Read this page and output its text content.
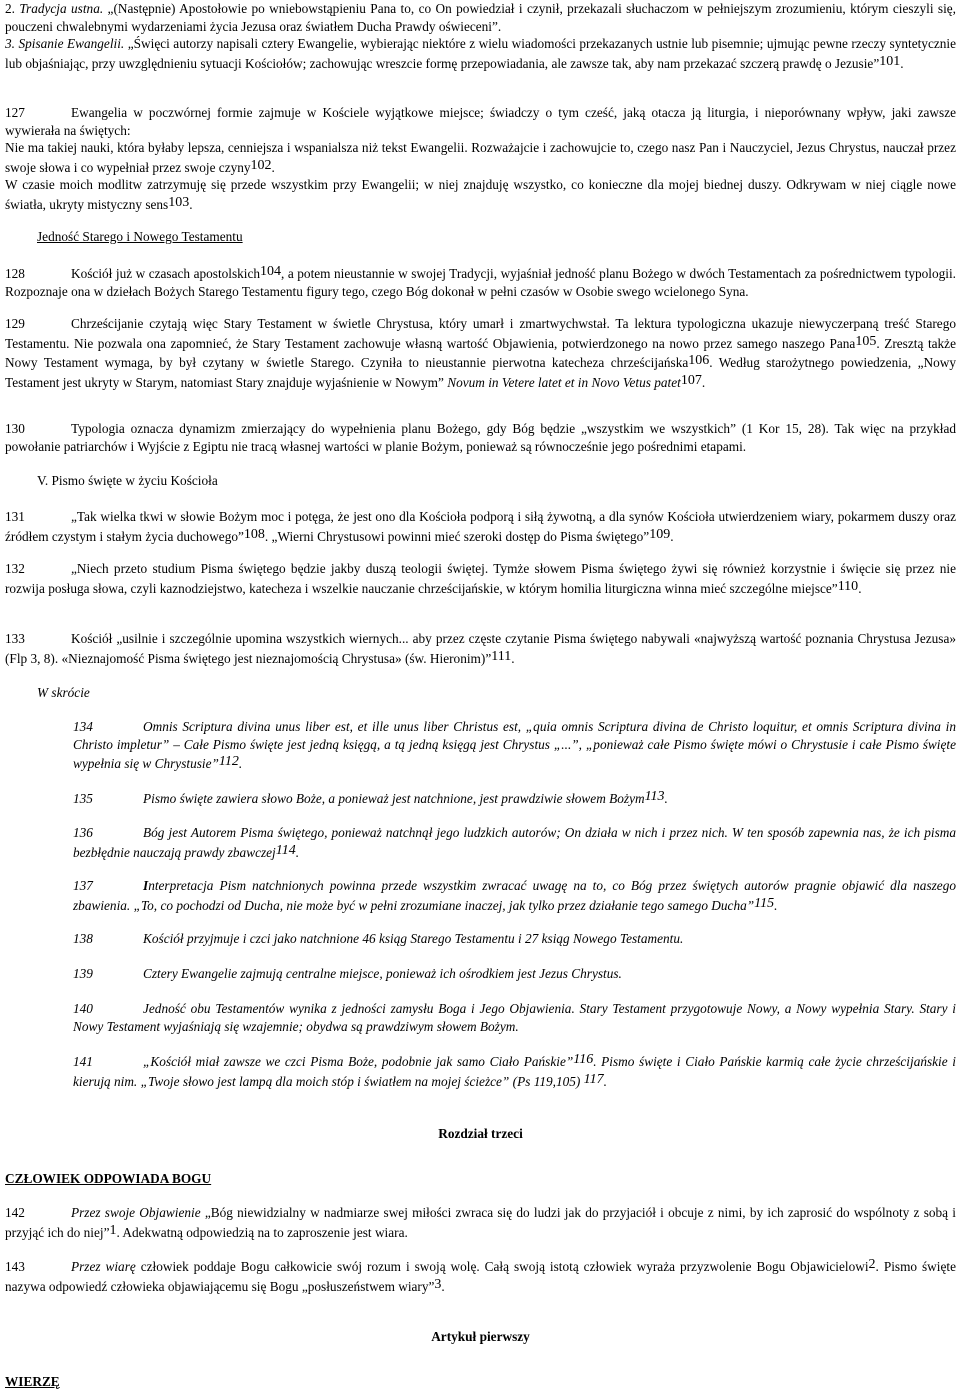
2. Tradycja ustna. „(Następnie) Apostołowie po wniebowstąpieniu Pana to, co On powiedział i czynił, przekazali słuchaczom w pełniejszym zrozumieniu, którym cieszyli się, pouczeni chwalebnymi wydarzeniami życia Jezusa oraz światłem Ducha Prawdy oświeceni”.

3. Spisanie Ewangelii. „Święci autorzy napisali cztery Ewangelie, wybierając niektóre z wielu wiadomości przekazanych ustnie lub pisemnie; ujmując pewne rzeczy syntetycznie lub objaśniając, przy uwzględnieniu sytuacji Kościołów; zachowując wreszcie formę przepowiadania, ale zawsze tak, aby nam przekazać szczerą prawdę o Jezusie”101.

127	Ewangelia w poczwórnej formie zajmuje w Kościele wyjątkowe miejsce; świadczy o tym cześć, jaką otacza ją liturgia, i nieporównany wpływ, jaki zawsze wywierała na świętych:
Nie ma takiej nauki, która byłaby lepsza, cenniejsza i wspanialsza niż tekst Ewangelii. Rozważajcie i zachowujcie to, czego nasz Pan i Nauczyciel, Jezus Chrystus, nauczał przez swoje słowa i co wypełniał przez swoje czyny102.
W czasie moich modlitw zatrzymuję się przede wszystkim przy Ewangelii; w niej znajduję wszystko, co konieczne dla mojej biednej duszy. Odkrywam w niej ciągle nowe światła, ukryty mistyczny sens103.

Jedność Starego i Nowego Testamentu

128	Kościół już w czasach apostolskich104, a potem nieustannie w swojej Tradycji, wyjaśniał jedność planu Bożego w dwóch Testamentach za pośrednictwem typologii. Rozpoznaje ona w dziełach Bożych Starego Testamentu figury tego, czego Bóg dokonał w pełni czasów w Osobie swego wcielonego Syna.

129	Chrześcijanie czytają więc Stary Testament w świetle Chrystusa, który umarł i zmartwychwstał. Ta lektura typologiczna ukazuje niewyczerpaną treść Starego Testamentu. Nie pozwala ona zapomnieć, że Stary Testament zachowuje własną wartość Objawienia, potwierdzonego na nowo przez samego naszego Pana105. Zresztą także Nowy Testament wymaga, by był czytany w świetle Starego. Czyniła to nieustannie pierwotna katecheza chrześcijańska106. Według starożytnego powiedzenia, „Nowy Testament jest ukryty w Starym, natomiast Stary znajduje wyjaśnienie w Nowym” Novum in Vetere latet et in Novo Vetus patet107.

130	Typologia oznacza dynamizm zmierzający do wypełnienia planu Bożego, gdy Bóg będzie „wszystkim we wszystkich” (1 Kor 15, 28). Tak więc na przykład powołanie patriarchów i Wyjście z Egiptu nie tracą własnej wartości w planie Bożym, ponieważ są równocześnie jego pośrednimi etapami.

V. Pismo święte w życiu Kościoła

131	„Tak wielka tkwi w słowie Bożym moc i potęga, że jest ono dla Kościoła podporą i siłą żywotną, a dla synów Kościoła utwierdzeniem wiary, pokarmem duszy oraz źródłem czystym i stałym życia duchowego”108. „Wierni Chrystusowi powinni mieć szeroki dostęp do Pisma świętego”109.

132	„Niech przeto studium Pisma świętego będzie jakby duszą teologii świętej. Tymże słowem Pisma świętego żywi się również korzystnie i święcie się przez nie rozwija posługa słowa, czyli kaznodziejstwo, katecheza i wszelkie nauczanie chrześcijańskie, w którym homilia liturgiczna winna mieć szczególne miejsce”110.

133	Kościół „usilnie i szczególnie upomina wszystkich wiernych... aby przez częste czytanie Pisma świętego nabywali «najwyższą wartość poznania Chrystusa Jezusa» (Flp 3, 8). «Nieznajomość Pisma świętego jest nieznajomością Chrystusa» (św. Hieronim)”111.

W skrócie

134	Omnis Scriptura divina unus liber est, et ille unus liber Christus est, „quia omnis Scriptura divina de Christo loquitur, et omnis Scriptura divina in Christo impletur” – Całe Pismo święte jest jedną księgą, a tą jedną księgą jest Chrystus „...”, „ponieważ całe Pismo święte mówi o Chrystusie i całe Pismo święte wypełnia się w Chrystusie”112.

135	Pismo święte zawiera słowo Boże, a ponieważ jest natchnione, jest prawdziwie słowem Bożym113.

136	Bóg jest Autorem Pisma świętego, ponieważ natchnął jego ludzkich autorów; On działa w nich i przez nich. W ten sposób zapewnia nas, że ich pisma bezbłędnie nauczają prawdy zbawczej114.

137	Interpretacja Pism natchnionych powinna przede wszystkim zwracać uwagę na to, co Bóg przez świętych autorów pragnie objawić dla naszego zbawienia. „To, co pochodzi od Ducha, nie może być w pełni zrozumiane inaczej, jak tylko przez działanie tego samego Ducha”115.

138	Kościół przyjmuje i czci jako natchnione 46 ksiąg Starego Testamentu i 27 ksiąg Nowego Testamentu.

139	Cztery Ewangelie zajmują centralne miejsce, ponieważ ich ośrodkiem jest Jezus Chrystus.

140	Jedność obu Testamentów wynika z jedności zamysłu Boga i Jego Objawienia. Stary Testament przygotowuje Nowy, a Nowy wypełnia Stary. Stary i Nowy Testament wyjaśniają się wzajemnie; obydwa są prawdziwym słowem Bożym.

141	„Kościół miał zawsze we czci Pisma Boże, podobnie jak samo Ciało Pańskie”116. Pismo święte i Ciało Pańskie karmią całe życie chrześcijańskie i kierują nim. „Twoje słowo jest lampą dla moich stóp i światłem na mojej ścieżce” (Ps 119,105) 117.

Rozdział trzeci

CZŁOWIEK ODPOWIADA BOGU

142	Przez swoje Objawienie „Bóg niewidzialny w nadmiarze swej miłości zwraca się do ludzi jak do przyjaciół i obcuje z nimi, by ich zaprosić do wspólnoty z sobą i przyjąć ich do niej”1. Adekwatną odpowiedzią na to zaproszenie jest wiara.

143	Przez wiarę człowiek poddaje Bogu całkowicie swój rozum i swoją wolę. Całą swoją istotą człowiek wyraża przyzwolenie Bogu Objawicielowi2. Pismo święte nazywa odpowiedź człowieka objawiającemu się Bogu „posłuszeństwem wiary”3.

Artykuł pierwszy

WIERZĘ
